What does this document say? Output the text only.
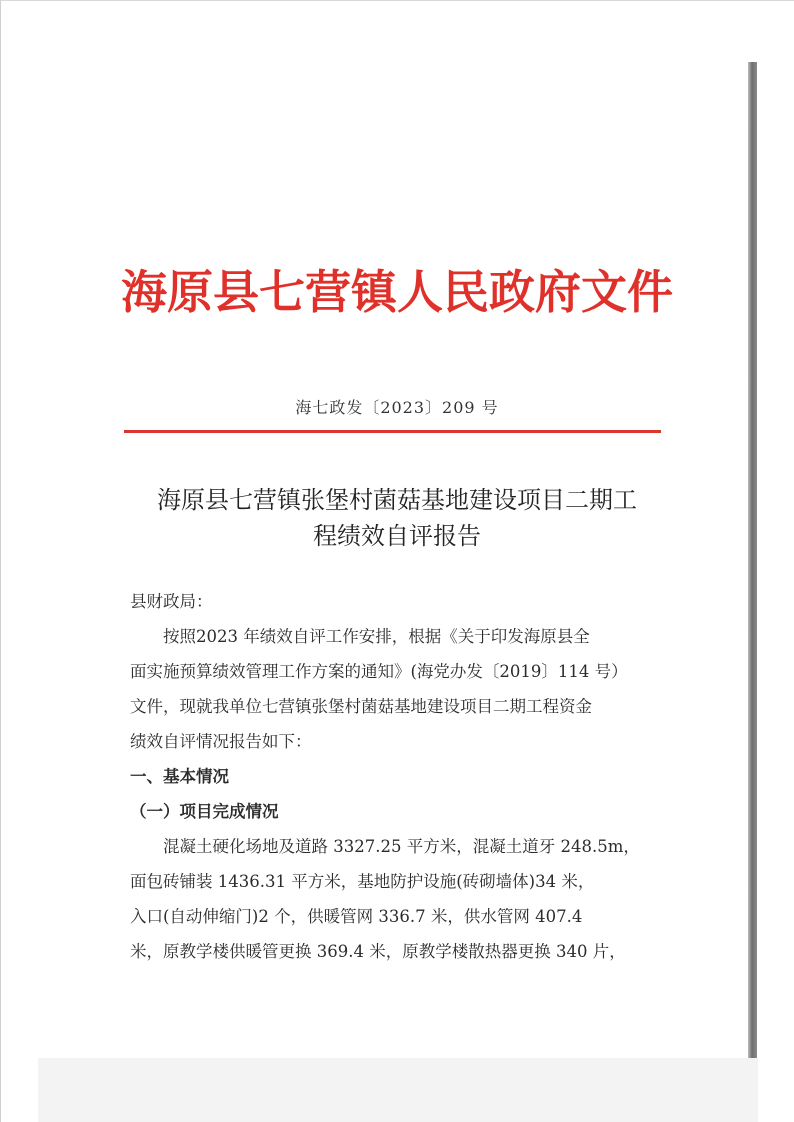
海原县七营镇人民政府文件
海七政发〔2023〕209 号
海原县七营镇张堡村菌菇基地建设项目二期工
程绩效自评报告

县财政局：

按照2023 年绩效自评工作安排，根据《关于印发海原县全

面实施预算绩效管理工作方案的通知》(海党办发〔2019〕114 号）

文件，现就我单位七营镇张堡村菌菇基地建设项目二期工程资金

绩效自评情况报告如下：

一、基本情况

（一）项目完成情况

混凝土硬化场地及道路 3327.25 平方米，混凝土道牙 248.5m，

面包砖铺装 1436.31 平方米，基地防护设施(砖砌墙体)34 米，

入口(自动伸缩门)2 个，供暖管网 336.7 米，供水管网 407.4

米，原教学楼供暖管更换 369.4 米，原教学楼散热器更换 340 片，
